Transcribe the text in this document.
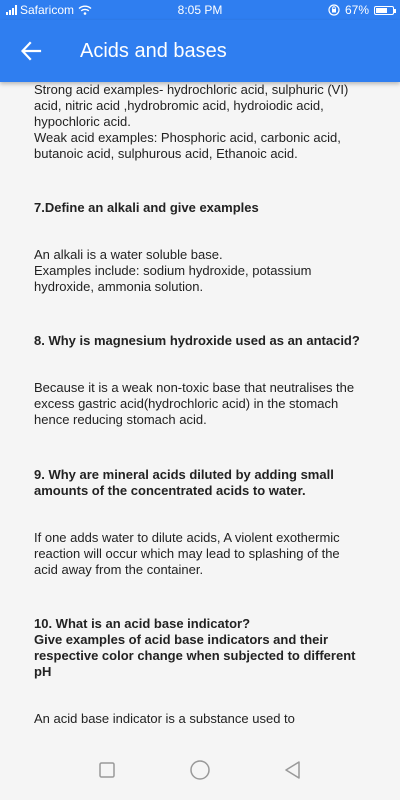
Safaricom	8:05 PM	67%
Acids and bases
Strong acid examples- hydrochloric acid, sulphuric (VI) acid, nitric acid ,hydrobromic acid, hydroiodic acid, hypochloric acid.
Weak acid examples: Phosphoric acid, carbonic acid, butanoic acid, sulphurous acid, Ethanoic acid.
7.Define an alkali and give examples
An alkali is a water soluble base.
Examples include: sodium hydroxide, potassium hydroxide, ammonia solution.
8. Why is magnesium hydroxide used as an antacid?
Because it is a weak non-toxic base that neutralises the excess gastric acid(hydrochloric acid) in the stomach hence reducing stomach acid.
9. Why are mineral acids diluted by adding small amounts of the concentrated acids to water.
If one adds water to dilute acids, A violent exothermic reaction will occur which may lead to splashing of the acid away from the container.
10. What is an acid base indicator?
Give examples of acid base indicators and their respective color change when subjected to different pH
An acid base indicator is a substance used to
